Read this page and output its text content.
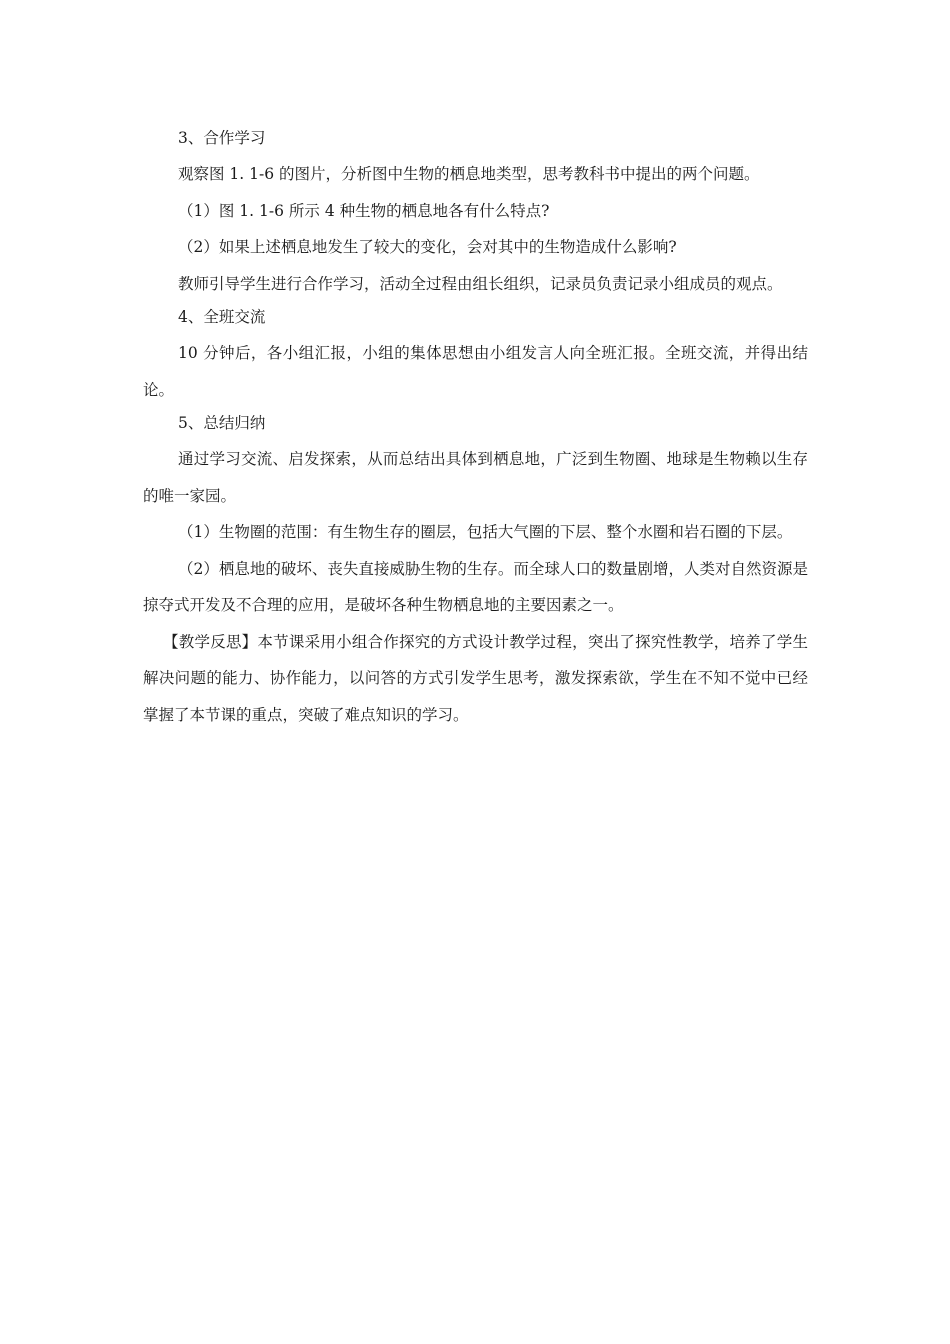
3、合作学习

观察图 1. 1-6 的图片，分析图中生物的栖息地类型，思考教科书中提出的两个问题。

（1）图 1. 1-6 所示 4 种生物的栖息地各有什么特点?

（2）如果上述栖息地发生了较大的变化，会对其中的生物造成什么影响?

教师引导学生进行合作学习，活动全过程由组长组织，记录员负责记录小组成员的观点。

4、全班交流

10 分钟后，各小组汇报，小组的集体思想由小组发言人向全班汇报。全班交流，并得出结论。

5、总结归纳

通过学习交流、启发探索，从而总结出具体到栖息地，广泛到生物圈、地球是生物赖以生存的唯一家园。

（1）生物圈的范围：有生物生存的圈层，包括大气圈的下层、整个水圈和岩石圈的下层。

（2）栖息地的破坏、丧失直接威胁生物的生存。而全球人口的数量剧增，人类对自然资源是掠夺式开发及不合理的应用，是破坏各种生物栖息地的主要因素之一。

【教学反思】本节课采用小组合作探究的方式设计教学过程，突出了探究性教学，培养了学生解决问题的能力、协作能力，以问答的方式引发学生思考，激发探索欲，学生在不知不觉中已经掌握了本节课的重点，突破了难点知识的学习。
